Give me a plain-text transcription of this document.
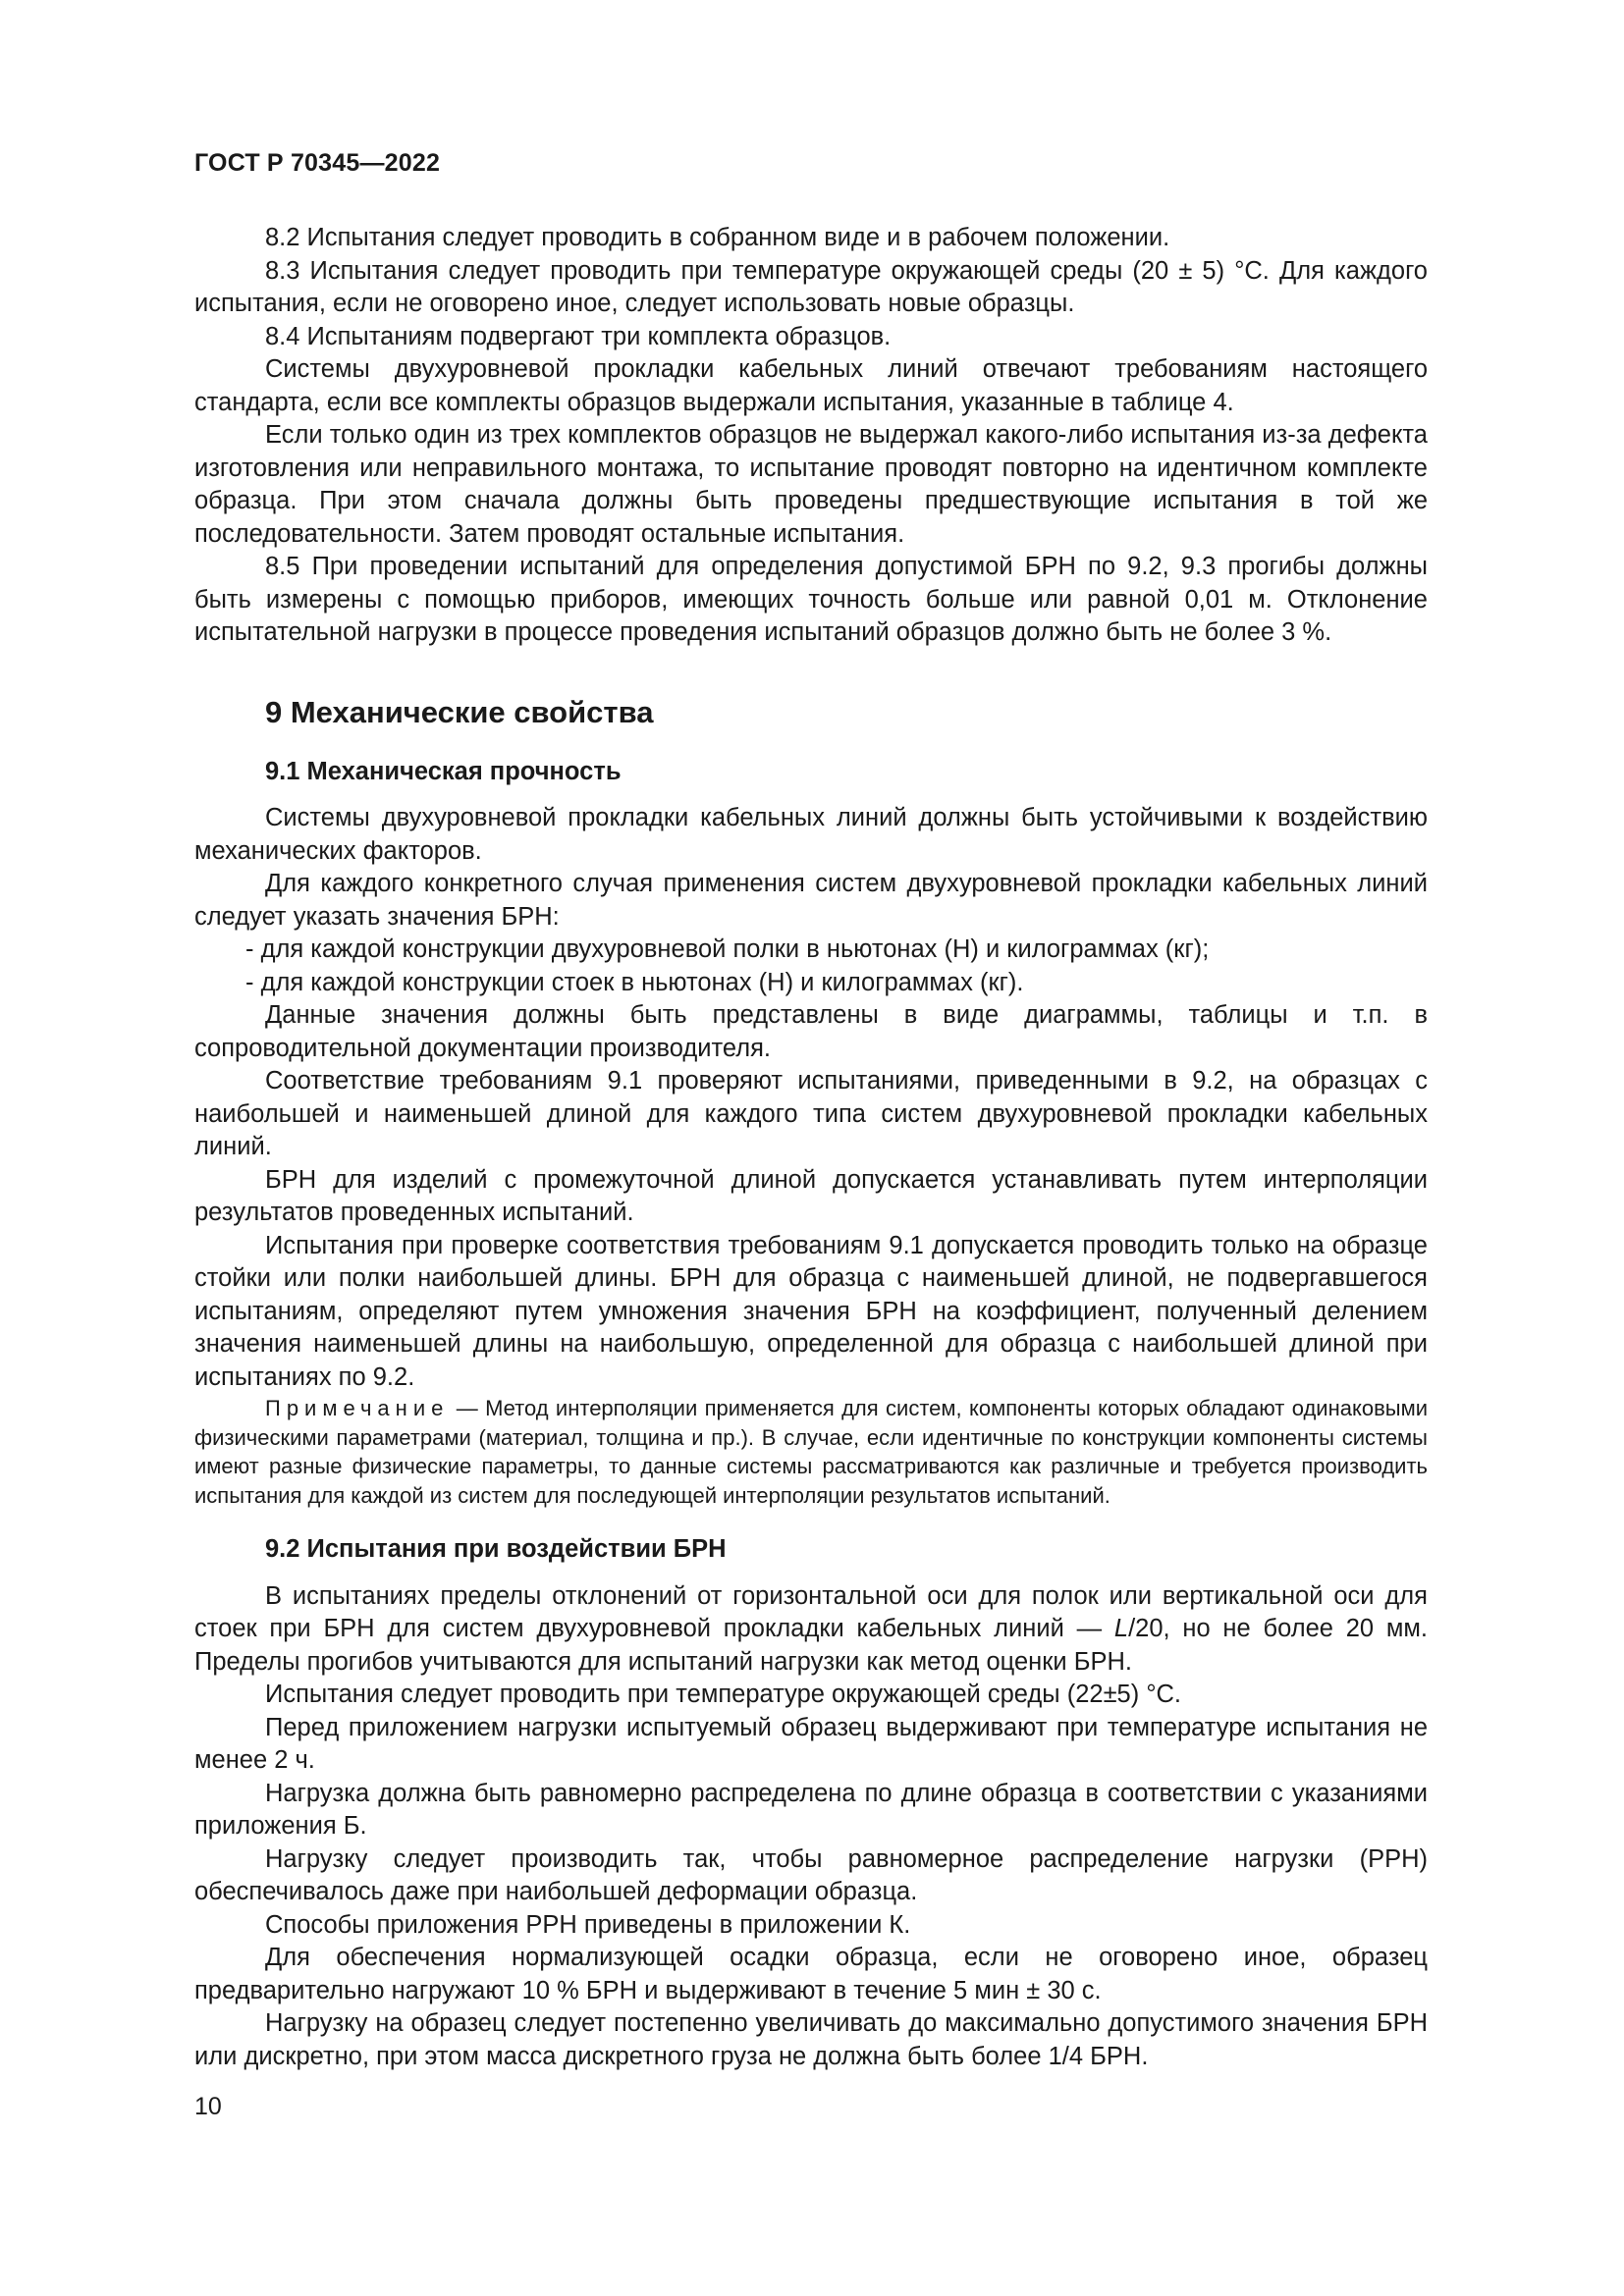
ГОСТ Р 70345—2022

8.2 Испытания следует проводить в собранном виде и в рабочем положении.

8.3 Испытания следует проводить при температуре окружающей среды (20 ± 5) °С. Для каждого испытания, если не оговорено иное, следует использовать новые образцы.

8.4 Испытаниям подвергают три комплекта образцов.

Системы двухуровневой прокладки кабельных линий отвечают требованиям настоящего стандарта, если все комплекты образцов выдержали испытания, указанные в таблице 4.

Если только один из трех комплектов образцов не выдержал какого-либо испытания из-за дефекта изготовления или неправильного монтажа, то испытание проводят повторно на идентичном комплекте образца. При этом сначала должны быть проведены предшествующие испытания в той же последовательности. Затем проводят остальные испытания.

8.5 При проведении испытаний для определения допустимой БРН по 9.2, 9.3 прогибы должны быть измерены с помощью приборов, имеющих точность больше или равной 0,01 м. Отклонение испытательной нагрузки в процессе проведения испытаний образцов должно быть не более 3 %.

9 Механические свойства
9.1 Механическая прочность

Системы двухуровневой прокладки кабельных линий должны быть устойчивыми к воздействию механических факторов.

Для каждого конкретного случая применения систем двухуровневой прокладки кабельных линий следует указать значения БРН:

- для каждой конструкции двухуровневой полки в ньютонах (Н) и килограммах (кг);

- для каждой конструкции стоек в ньютонах (Н) и килограммах (кг).

Данные значения должны быть представлены в виде диаграммы, таблицы и т.п. в сопроводительной документации производителя.

Соответствие требованиям 9.1 проверяют испытаниями, приведенными в 9.2, на образцах с наибольшей и наименьшей длиной для каждого типа систем двухуровневой прокладки кабельных линий.

БРН для изделий с промежуточной длиной допускается устанавливать путем интерполяции результатов проведенных испытаний.

Испытания при проверке соответствия требованиям 9.1 допускается проводить только на образце стойки или полки наибольшей длины. БРН для образца с наименьшей длиной, не подвергавшегося испытаниям, определяют путем умножения значения БРН на коэффициент, полученный делением значения наименьшей длины на наибольшую, определенной для образца с наибольшей длиной при испытаниях по 9.2.

Примечание — Метод интерполяции применяется для систем, компоненты которых обладают одинаковыми физическими параметрами (материал, толщина и пр.). В случае, если идентичные по конструкции компоненты системы имеют разные физические параметры, то данные системы рассматриваются как различные и требуется производить испытания для каждой из систем для последующей интерполяции результатов испытаний.

9.2 Испытания при воздействии БРН

В испытаниях пределы отклонений от горизонтальной оси для полок или вертикальной оси для стоек при БРН для систем двухуровневой прокладки кабельных линий — L/20, но не более 20 мм. Пределы прогибов учитываются для испытаний нагрузки как метод оценки БРН.

Испытания следует проводить при температуре окружающей среды (22±5) °С.

Перед приложением нагрузки испытуемый образец выдерживают при температуре испытания не менее 2 ч.

Нагрузка должна быть равномерно распределена по длине образца в соответствии с указаниями приложения Б.

Нагрузку следует производить так, чтобы равномерное распределение нагрузки (РРН) обеспечивалось даже при наибольшей деформации образца.

Способы приложения РРН приведены в приложении К.

Для обеспечения нормализующей осадки образца, если не оговорено иное, образец предварительно нагружают 10 % БРН и выдерживают в течение 5 мин ± 30 с.

Нагрузку на образец следует постепенно увеличивать до максимально допустимого значения БРН или дискретно, при этом масса дискретного груза не должна быть более 1/4 БРН.

10
